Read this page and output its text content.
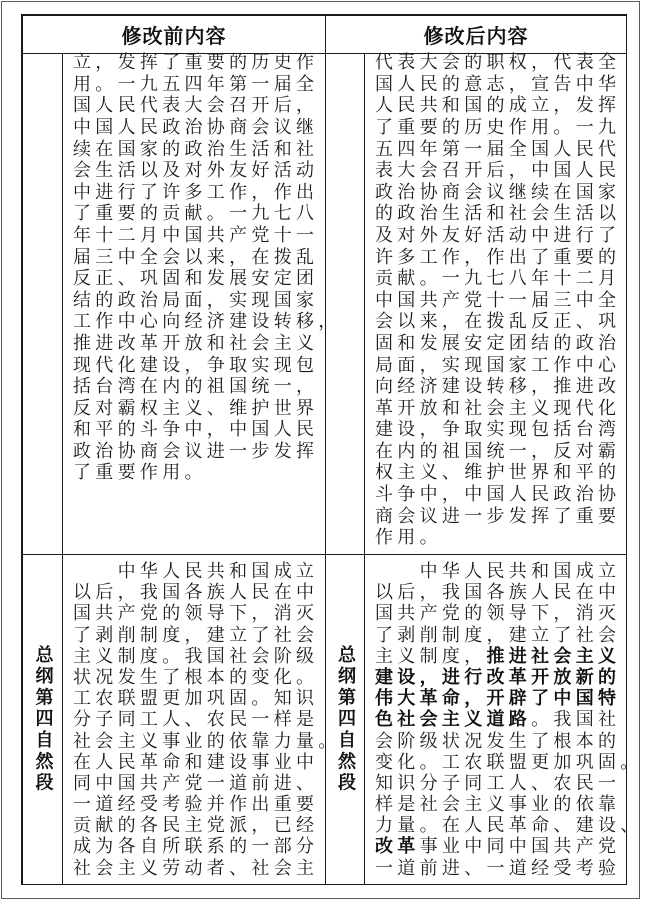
修改前内容	修改后内容
立，发挥了重要的历史作
用。一九五四年第一届全
国人民代表大会召开后，
中国人民政治协商会议继
续在国家的政治生活和社
会生活以及对外友好活动
中进行了许多工作，作出
了重要的贡献。一九七八
年十二月中国共产党十一
届三中全会以来，在拨乱
反正、巩固和发展安定团
结的政治局面，实现国家
工作中心向经济建设转移，
推进改革开放和社会主义
现代化建设，争取实现包
括台湾在内的祖国统一，
反对霸权主义、维护世界
和平的斗争中，中国人民
政治协商会议进一步发挥
了重要作用。
代表大会的职权，代表全
国人民的意志，宣告中华
人民共和国的成立，发挥
了重要的历史作用。一九
五四年第一届全国人民代
表大会召开后，中国人民
政治协商会议继续在国家
的政治生活和社会生活以
及对外友好活动中进行了
许多工作，作出了重要的
贡献。一九七八年十二月
中国共产党十一届三中全
会以来，在拨乱反正、巩
固和发展安定团结的政治
局面，实现国家工作中心
向经济建设转移，推进改
革开放和社会主义现代化
建设，争取实现包括台湾
在内的祖国统一，反对霸
权主义、维护世界和平的
斗争中，中国人民政治协
商会议进一步发挥了重要
作用。
总纲第四自然段
　　中华人民共和国成立
以后，我国各族人民在中
国共产党的领导下，消灭
了剥削制度，建立了社会
主义制度。我国社会阶级
状况发生了根本的变化。
工农联盟更加巩固。知识
分子同工人、农民一样是
社会主义事业的依靠力量。
在人民革命和建设事业中
同中国共产党一道前进、
一道经受考验并作出重要
贡献的各民主党派，已经
成为各自所联系的一部分
社会主义劳动者、社会主
总纲第四自然段
　　中华人民共和国成立
以后，我国各族人民在中
国共产党的领导下，消灭
了剥削制度，建立了社会
主义制度，推进社会主义
建设，进行改革开放新的
伟大革命，开辟了中国特
色社会主义道路。我国社
会阶级状况发生了根本的
变化。工农联盟更加巩固。
知识分子同工人、农民一
样是社会主义事业的依靠
力量。在人民革命、建设、
改革事业中同中国共产党
一道前进、一道经受考验
